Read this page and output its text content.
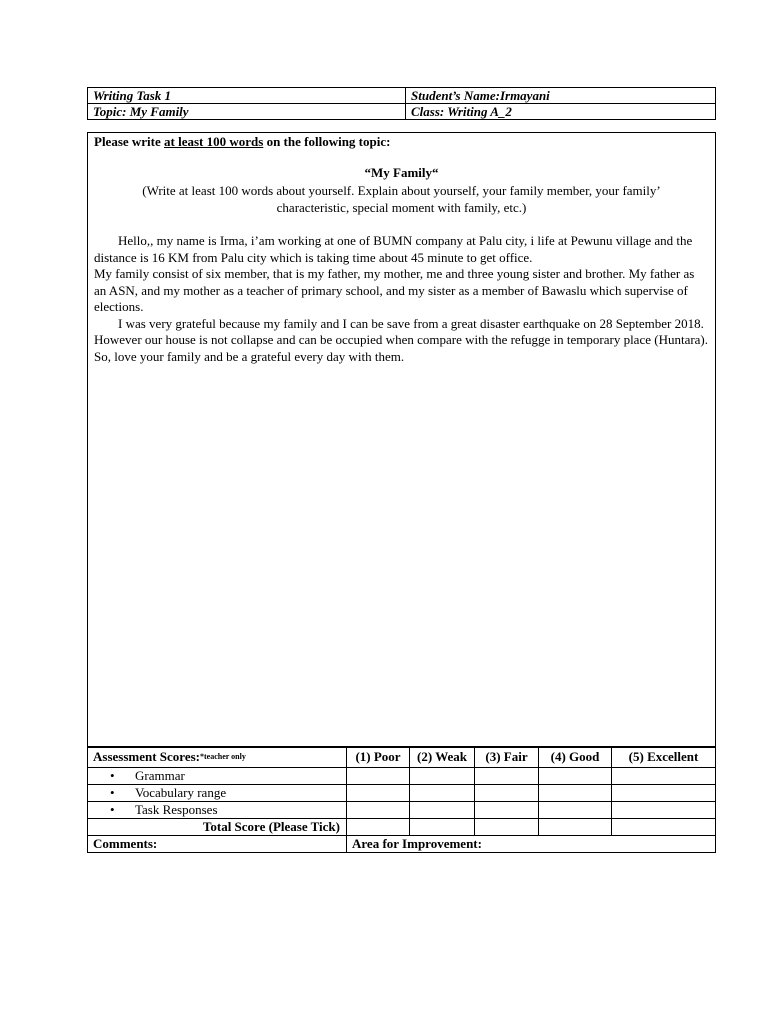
Writing Task 1	Student’s Name:Irmayani
Topic: My Family	Class: Writing A_2
Please write at least 100 words on the following topic:
“My Family“
(Write at least 100 words about yourself. Explain about yourself, your family member, your family’ characteristic, special moment with family, etc.)

Hello,, my name is Irma, i’am working at one of BUMN company at Palu city, i life at Pewunu village and the distance is 16 KM from Palu city which is taking time about 45 minute to get office.

My family consist of six member, that is my father, my mother, me and three young sister and brother. My father as an ASN, and my mother as a teacher of primary school, and my sister as a member of Bawaslu which supervise of elections.

I was very grateful because my family and I can be save from a great disaster earthquake on 28 September 2018. However our house is not collapse and can be occupied when compare with the refugge in temporary place (Huntara). So, love your family and be a grateful every day with them.

Assessment Scores:$^{*teacher only}$	(1) Poor	(2) Weak	(3) Fair	(4) Good	(5) Excellent
• Grammar					
• Vocabulary range					
• Task Responses					
Total Score (Please Tick)					
Comments:	Area for Improvement:				
